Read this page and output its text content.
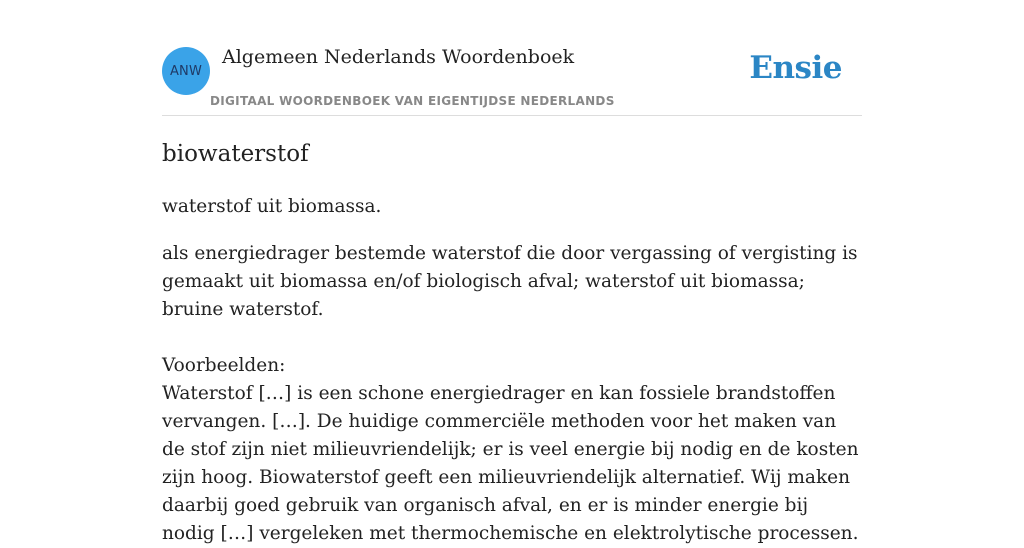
ANW
Algemeen Nederlands Woordenboek
DIGITAAL WOORDENBOEK VAN EIGENTIJDSE NEDERLANDS
Ensie
biowaterstof

waterstof uit biomassa.

als energiedrager bestemde waterstof die door vergassing of vergisting is gemaakt uit biomassa en/of biologisch afval; waterstof uit biomassa; bruine waterstof.

Voorbeelden:
Waterstof […] is een schone energiedrager en kan fossiele brandstoffen vervangen. […]. De huidige commerciële methoden voor het maken van de stof zijn niet milieuvriendelijk; er is veel energie bij nodig en de kosten zijn hoog. Biowaterstof geeft een milieuvriendelijk alternatief. Wij maken daarbij goed gebruik van organisch afval, en er is minder energie bij nodig […] vergeleken met thermochemische en elektrolytische processen.
